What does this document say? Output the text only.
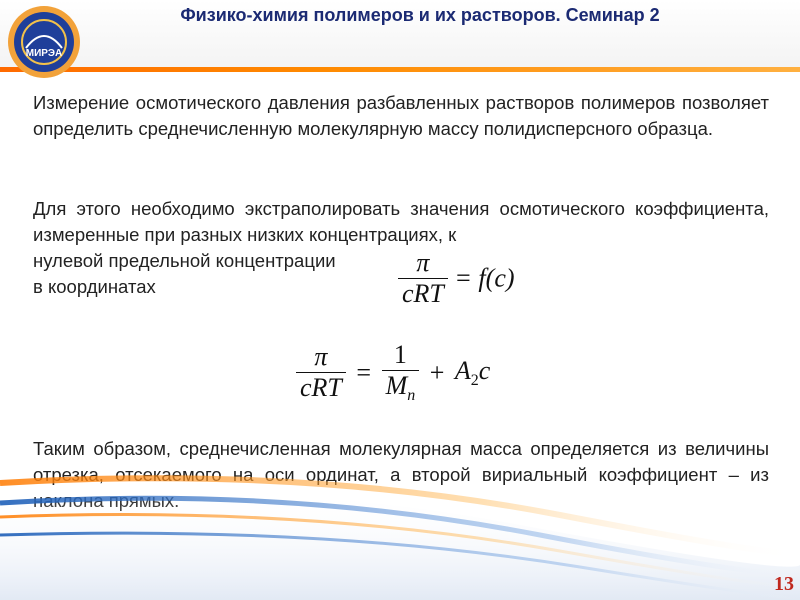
МИРЭА
Физико-химия полимеров и их растворов. Семинар 2
Измерение осмотического давления разбавленных растворов полимеров позволяет определить среднечисленную молекулярную массу полидисперсного образца.
Для этого необходимо экстраполировать значения осмотического коэффициента, измеренные при разных низких концентрациях, к
нулевой предельной концентрации
в координатах	$\frac{\pi}{\text{cRT}} = f(c)$
$\frac{\pi}{\text{cRT}} = \frac{1}{M_n} + A_2c$
Таким образом, среднечисленная молекулярная масса определяется из величины отрезка, отсекаемого на оси ординат, а второй вириальный коэффициент – из
13
